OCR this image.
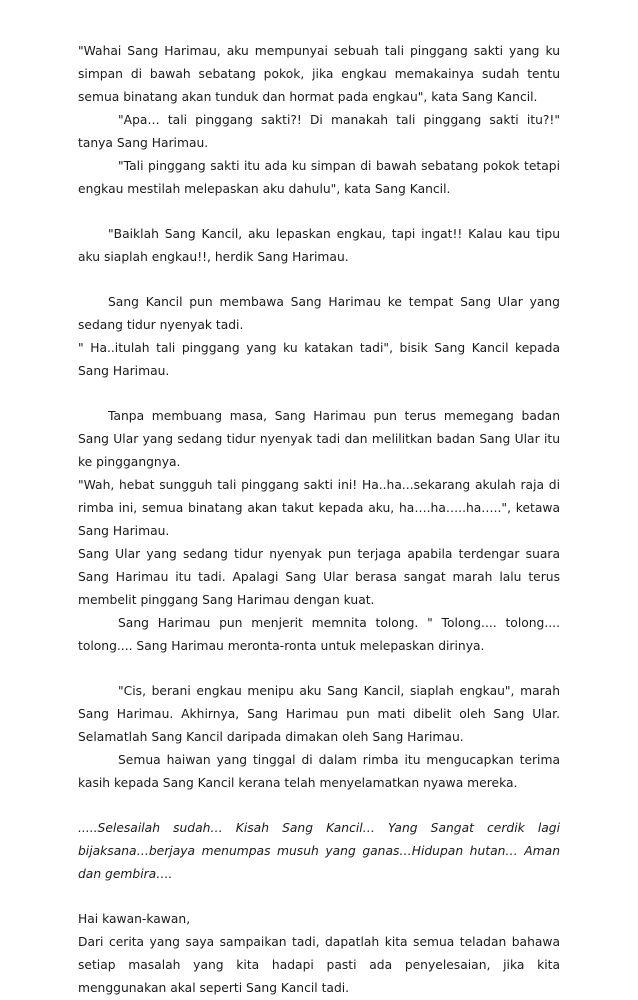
"Wahai Sang Harimau, aku mempunyai sebuah tali pinggang sakti yang ku simpan di bawah sebatang pokok, jika engkau memakainya sudah tentu semua binatang akan tunduk dan hormat pada engkau", kata Sang Kancil.

"Apa… tali pinggang sakti?! Di manakah tali pinggang sakti itu?!" tanya Sang Harimau.

"Tali pinggang sakti itu ada ku simpan di bawah sebatang pokok tetapi engkau mestilah melepaskan aku dahulu", kata Sang Kancil.

"Baiklah Sang Kancil, aku lepaskan engkau, tapi ingat!! Kalau kau tipu aku siaplah engkau!!, herdik Sang Harimau.

Sang Kancil pun membawa Sang Harimau ke tempat Sang Ular yang sedang tidur nyenyak tadi.

" Ha..itulah tali pinggang yang ku katakan tadi", bisik Sang Kancil kepada Sang Harimau.

Tanpa membuang masa, Sang Harimau pun terus memegang badan Sang Ular yang sedang tidur nyenyak tadi dan melilitkan badan Sang Ular itu ke pinggangnya.

"Wah, hebat sungguh tali pinggang sakti ini! Ha..ha...sekarang akulah raja di rimba ini, semua binatang akan takut kepada aku, ha….ha…..ha…..", ketawa Sang Harimau.

Sang Ular yang sedang tidur nyenyak pun terjaga apabila terdengar suara Sang Harimau itu tadi. Apalagi Sang Ular berasa sangat marah lalu terus membelit pinggang Sang Harimau dengan kuat.

Sang Harimau pun menjerit memnita tolong. " Tolong.... tolong.... tolong.... Sang Harimau meronta-ronta untuk melepaskan dirinya.

"Cis, berani engkau menipu aku Sang Kancil, siaplah engkau", marah Sang Harimau. Akhirnya, Sang Harimau pun mati dibelit oleh Sang Ular. Selamatlah Sang Kancil daripada dimakan oleh Sang Harimau.

Semua haiwan yang tinggal di dalam rimba itu mengucapkan terima kasih kepada Sang Kancil kerana telah menyelamatkan nyawa mereka.

.....Selesailah sudah… Kisah Sang Kancil… Yang Sangat cerdik lagi bijaksana…berjaya menumpas musuh yang ganas…Hidupan hutan… Aman dan gembira….

Hai kawan-kawan,

Dari cerita yang saya sampaikan tadi, dapatlah kita semua teladan bahawa setiap masalah yang kita hadapi pasti ada penyelesaian, jika kita menggunakan akal seperti Sang Kancil tadi.
